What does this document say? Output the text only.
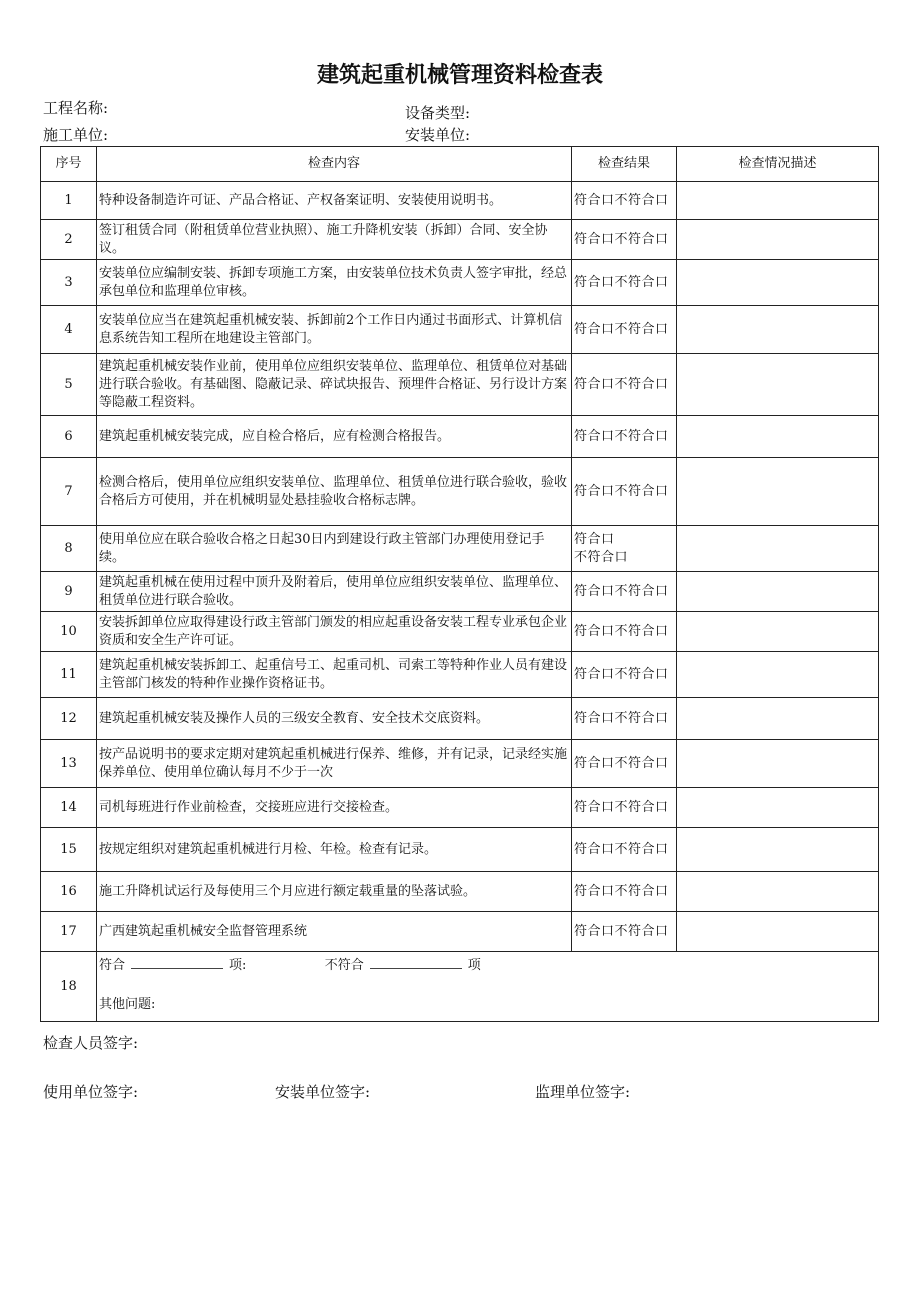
建筑起重机械管理资料检查表
工程名称:	设备类型:
施工单位:	安装单位:
序号	检查内容	检查结果	检查情况描述
1	特种设备制造许可证、产品合格证、产权备案证明、安装使用说明书。	符合口不符合口	
2	签订租赁合同（附租赁单位营业执照）、施工升降机安装（拆卸）合同、安全协议。	符合口不符合口	
3	安装单位应编制安装、拆卸专项施工方案，由安装单位技术负责人签字审批，经总承包单位和监理单位审核。	符合口不符合口	
4	安装单位应当在建筑起重机械安装、拆卸前2个工作日内通过书面形式、计算机信息系统告知工程所在地建设主管部门。	符合口不符合口	
5	建筑起重机械安装作业前，使用单位应组织安装单位、监理单位、租赁单位对基础进行联合验收。有基础图、隐蔽记录、碎试块报告、预埋件合格证、另行设计方案等隐蔽工程资料。	符合口不符合口	
6	建筑起重机械安装完成，应自检合格后，应有检测合格报告。	符合口不符合口	
7	检测合格后，使用单位应组织安装单位、监理单位、租赁单位进行联合验收，验收合格后方可使用，并在机械明显处悬挂验收合格标志牌。	符合口不符合口	
8	使用单位应在联合验收合格之日起30日内到建设行政主管部门办理使用登记手续。	符合口
不符合口	
9	建筑起重机械在使用过程中顶升及附着后，使用单位应组织安装单位、监理单位、租赁单位进行联合验收。	符合口不符合口	
10	安装拆卸单位应取得建设行政主管部门颁发的相应起重设备安装工程专业承包企业资质和安全生产许可证。	符合口不符合口	
11	建筑起重机械安装拆卸工、起重信号工、起重司机、司索工等特种作业人员有建设主管部门核发的特种作业操作资格证书。	符合口不符合口	
12	建筑起重机械安装及操作人员的三级安全教育、安全技术交底资料。	符合口不符合口	
13	按产品说明书的要求定期对建筑起重机械进行保养、维修，并有记录，记录经实施保养单位、使用单位确认每月不少于一次	符合口不符合口	
14	司机每班进行作业前检查，交接班应进行交接检查。	符合口不符合口	
15	按规定组织对建筑起重机械进行月检、年检。检查有记录。	符合口不符合口	
16	施工升降机试运行及每使用三个月应进行额定载重量的坠落试验。	符合口不符合口	
17	广西建筑起重机械安全监督管理系统	符合口不符合口	
18	符合 项: 不符合 项
其他问题:		
检查人员签字:
使用单位签字:	安装单位签字:	监理单位签字:
